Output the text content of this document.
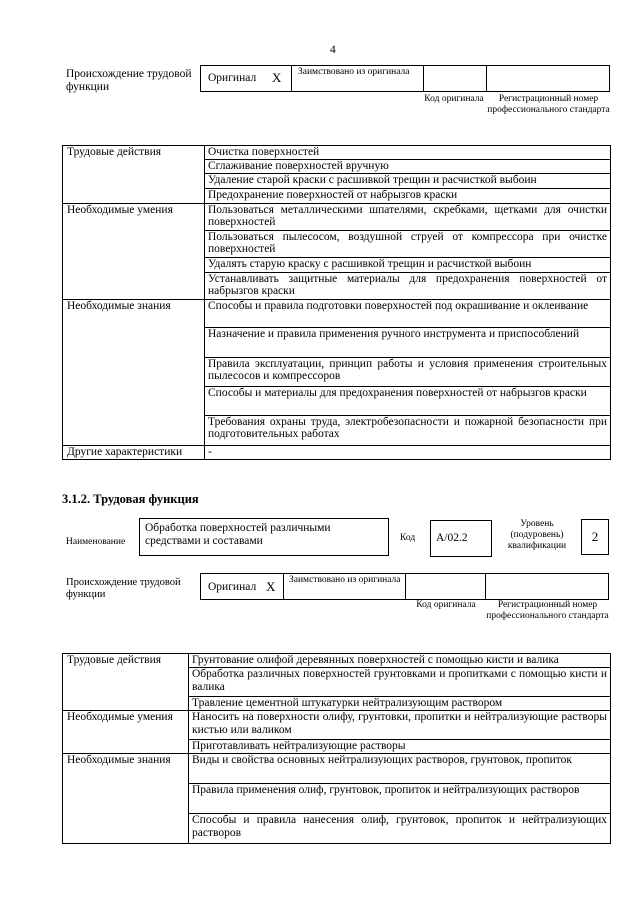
4
Происхождение трудовой функции
Оригинал X Заимствовано из оригинала
Код оригинала	Регистрационный номер профессионального стандарта
Трудовые действия	Очистка поверхностей
	Сглаживание поверхностей вручную
	Удаление старой краски с расшивкой трещин и расчисткой выбоин
	Предохранение поверхностей от набрызгов краски
Необходимые умения	Пользоваться металлическими шпателями, скребками, щетками для очистки поверхностей
	Пользоваться пылесосом, воздушной струей от компрессора при очистке поверхностей
	Удалять старую краску с расшивкой трещин и расчисткой выбоин
	Устанавливать защитные материалы для предохранения поверхностей от набрызгов краски
Необходимые знания	Способы и правила подготовки поверхностей под окрашивание и оклеивание
	Назначение и правила применения ручного инструмента и приспособлений
	Правила эксплуатации, принцип работы и условия применения строительных пылесосов и компрессоров
	Способы и материалы для предохранения поверхностей от набрызгов краски
	Требования охраны труда, электробезопасности и пожарной безопасности при подготовительных работах
Другие характеристики	-
3.1.2. Трудовая функция
Наименование
Обработка поверхностей различными средствами и составами	Код А/02.2
Уровень (подуровень) квалификации
2
Происхождение трудовой функции
Оригинал X Заимствовано из оригинала
Код оригинала	Регистрационный номер профессионального стандарта
Трудовые действия	Грунтование олифой деревянных поверхностей с помощью кисти и валика
	Обработка различных поверхностей грунтовками и пропитками с помощью кисти и валика
	Травление цементной штукатурки нейтрализующим раствором
Необходимые умения	Наносить на поверхности олифу, грунтовки, пропитки и нейтрализующие растворы кистью или валиком
	Приготавливать нейтрализующие растворы
Необходимые знания	Виды и свойства основных нейтрализующих растворов, грунтовок, пропиток
	Правила применения олиф, грунтовок, пропиток и нейтрализующих растворов
	Способы и правила нанесения олиф, грунтовок, пропиток и нейтрализующих растворов
